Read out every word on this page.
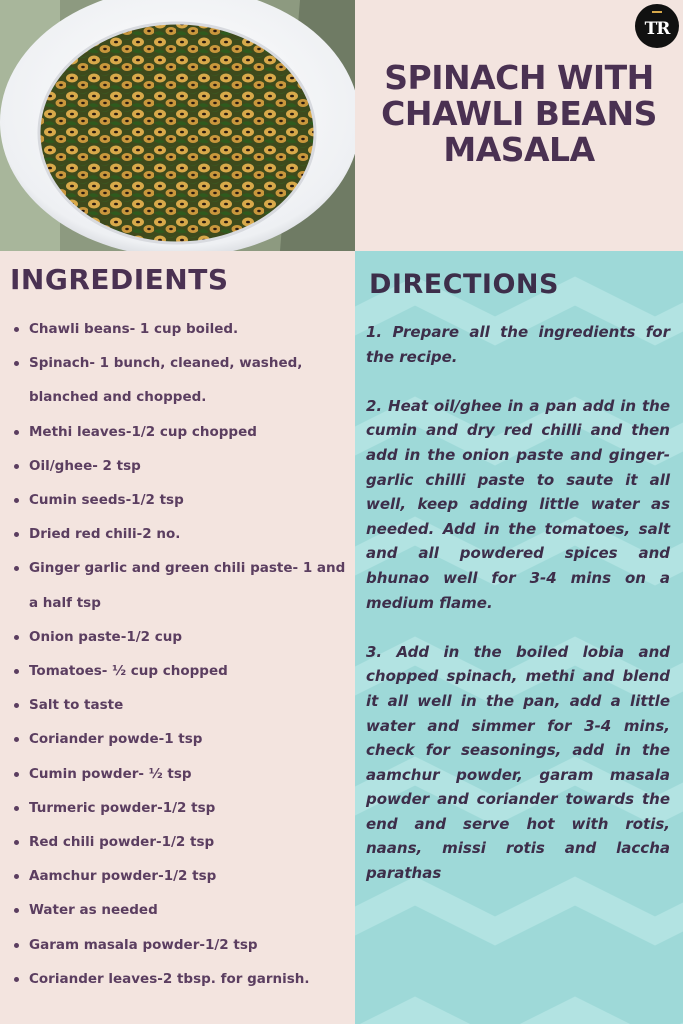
TR
SPINACH WITH
CHAWLI BEANS
MASALA
INGREDIENTS
Chawli beans- 1 cup boiled.
Spinach- 1 bunch, cleaned, washed, blanched and chopped.
Methi leaves-1/2 cup chopped
Oil/ghee- 2 tsp
Cumin seeds-1/2 tsp
Dried red chili-2 no.
Ginger garlic and green chili paste- 1 and a half tsp
Onion paste-1/2 cup
Tomatoes- ½ cup chopped
Salt to taste
Coriander powde-1 tsp
Cumin powder- ½ tsp
Turmeric powder-1/2 tsp
Red chili powder-1/2 tsp
Aamchur powder-1/2 tsp
Water as needed
Garam masala powder-1/2 tsp
Coriander leaves-2 tbsp. for garnish.
DIRECTIONS

1. Prepare all the ingredients for the recipe.

2. Heat oil/ghee in a pan add in the cumin and dry red chilli and then add in the onion paste and ginger-garlic chilli paste to saute it all well, keep adding little water as needed. Add in the tomatoes, salt and all powdered spices and bhunao well for 3-4 mins on a medium flame.

3. Add in the boiled lobia and chopped spinach, methi and blend it all well in the pan, add a little water and simmer for 3-4 mins, check for seasonings, add in the aamchur powder, garam masala powder and coriander towards the end and serve hot with rotis, naans, missi rotis and laccha parathas
